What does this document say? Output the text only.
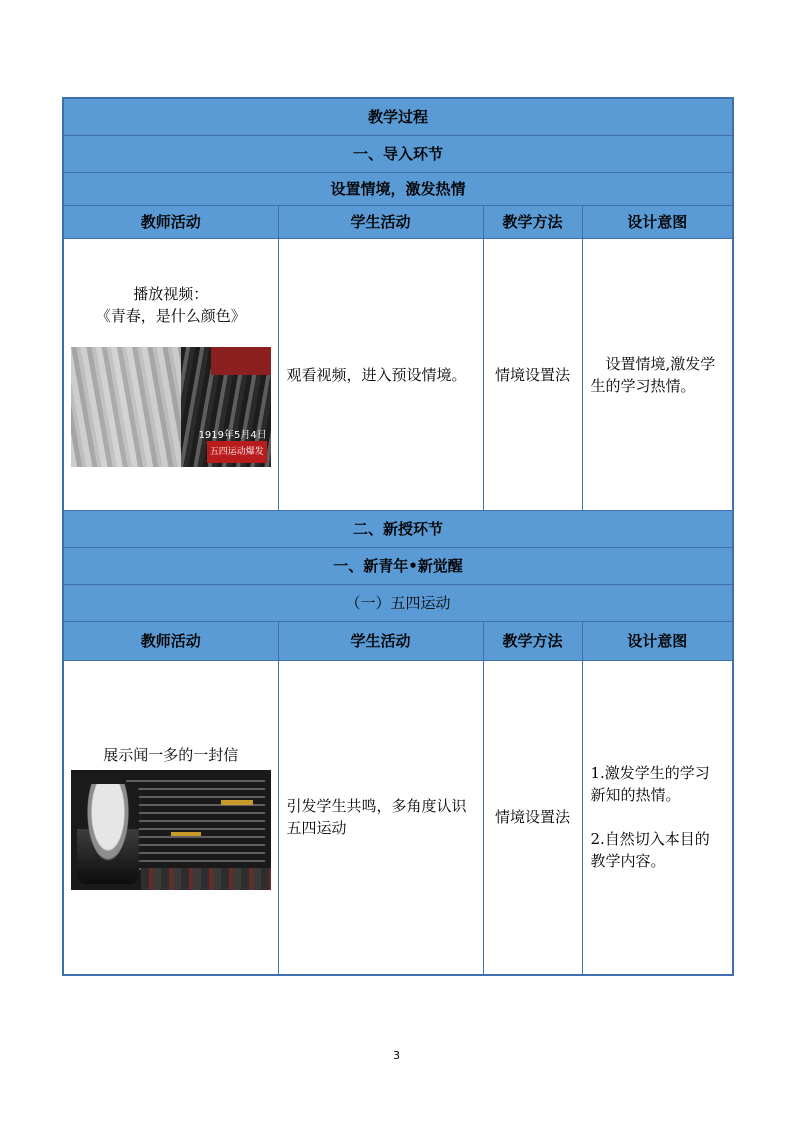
教学过程			
一、导入环节			
设置情境，激发热情			
教师活动	学生活动	教学方法	设计意图

播放视频：
《青春，是什么颜色》
1919年5月4日
五四运动爆发	观看视频，进入预设情境。	情境设置法	设置情境,激发学生的学习热情。
二、新授环节			
一、新青年•新觉醒			
（一）五四运动			
教师活动	学生活动	教学方法	设计意图

展示闻一多的一封信	引发学生共鸣，多角度认识五四运动	情境设置法	1.激发学生的学习新知的热情。

2.自然切入本目的教学内容。

3
